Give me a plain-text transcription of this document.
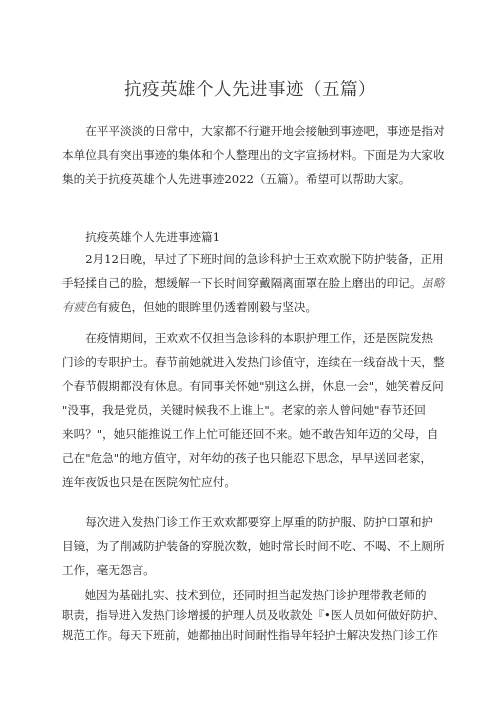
抗疫英雄个人先进事迹（五篇）
　　在平平淡淡的日常中，大家都不行避开地会接触到事迹吧，事迹是指对
本单位具有突出事迹的集体和个人整理出的文字宣扬材料。下面是为大家收
集的关于抗疫英雄个人先进事迹2022（五篇）。希望可以帮助大家。
　　抗疫英雄个人先进事迹篇1
　　2月12日晚，早过了下班时间的急诊科护士王欢欢脱下防护装备，正用
手轻揉自己的脸，想缓解一下长时间穿戴隔离面罩在脸上磨出的印记。虽略
有疲色有疲色，但她的眼眸里仍透着刚毅与坚决。
　　在疫情期间，王欢欢不仅担当急诊科的本职护理工作，还是医院发热
门诊的专职护士。春节前她就进入发热门诊值守，连续在一线奋战十天，整
个春节假期都没有休息。有同事关怀她"别这么拼，休息一会"，她笑着反问
"没事，我是党员，关键时候我不上谁上"。老家的亲人曾问她"春节还回
来吗？"，她只能推说工作上忙可能还回不来。她不敢告知年迈的父母，自
己在"危急"的地方值守，对年幼的孩子也只能忍下思念，早早送回老家，
连年夜饭也只是在医院匆忙应付。
　　每次进入发热门诊工作王欢欢都要穿上厚重的防护服、防护口罩和护
目镜，为了削减防护装备的穿脱次数，她时常长时间不吃、不喝、不上厕所
工作，毫无怨言。
　　她因为基础扎实、技术到位，还同时担当起发热门诊护理带教老师的
职责，指导进入发热门诊增援的护理人员及收款处『•医人员如何做好防护、
规范工作。每天下班前，她都抽出时间耐性指导年轻护士解决发热门诊工作
